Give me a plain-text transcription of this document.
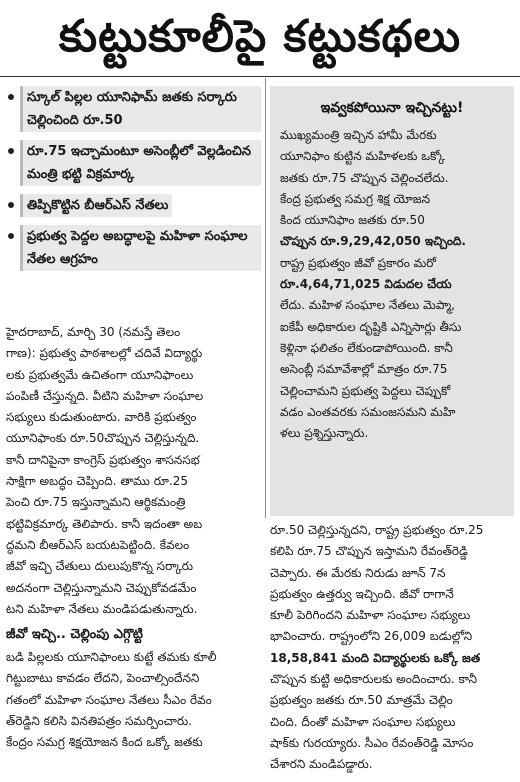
కుట్టుకూలీపై కట్టుకథలు
స్కూల్ పిల్లల యూనిఫామ్ జతకు సర్కారు చెల్లించింది రూ.50
రూ.75 ఇచ్చామంటూ అసెంబ్లీలో వెల్లడించిన మంత్రి భట్టి విక్రమార్క
తిప్పికొట్టిన బీఆర్ఎస్ నేతలు
ప్రభుత్వ పెద్దల అబద్ధాలపై మహిళా సంఘాల నేతల ఆగ్రహం
ఇవ్వకపోయినా ఇచ్చినట్టు!
ముఖ్యమంత్రి ఇచ్చిన హామీ మేరకు
యూనిఫాం కుట్టిన మహిళలకు ఒక్కో
జతకు రూ.75 చొప్పున చెల్లించలేదు.
కేంద్ర ప్రభుత్వ సమగ్ర శిక్ష యోజన
కింద యూనిఫాం జతకు రూ.50
చొప్పున రూ.9,29,42,050 ఇచ్చింది.
రాష్ట్ర ప్రభుత్వం జీవో ప్రకారం మరో
రూ.4,64,71,025 విడుదల చేయ
లేదు. మహిళ సంఘాల నేతలు మెప్మా,
ఐకేపీ అధికారుల దృష్టికి ఎన్నిసార్లు తీసు
కెళ్లినా ఫలితం లేకుండాపోయింది. కానీ
అసెంబ్లీ సమావేశాల్లో మాత్రం రూ.75
చెల్లించామని ప్రభుత్వ పెద్దలు చెప్పుకో
వడం ఎంతవరకు సమంజసమని మహి
ళలు ప్రశ్నిస్తున్నారు.
హైదరాబాద్, మార్చి 30 (నమస్తే తెలం
గాణ): ప్రభుత్వ పాఠశాలల్లో చదివే విద్యార్థు
లకు ప్రభుత్వమే ఉచితంగా యూనిఫాంలు
పంపిణీ చేస్తున్నది. వీటిని మహిళా సంఘాల
సభ్యులు కుడుతుంటారు. వారికి ప్రభుత్వం
యూనిఫాంకు రూ.50చొప్పున చెల్లిస్తున్నది.
కానీ దానిపైనా కాంగ్రెస్ ప్రభుత్వం శాసనసభ
సాక్షిగా అబద్ధం చెప్పింది. తాము రూ.25
పెంచి రూ.75 ఇస్తున్నామని ఆర్థికమంత్రి
భట్టివిక్రమార్క తెలిపారు. కానీ ఇదంతా అబ
ద్ధమని బీఆర్ఎస్ బయటపెట్టింది. కేవలం
జీవో ఇచ్చి చేతులు దులుపుకొన్న సర్కారు
అదనంగా చెల్లిస్తున్నామని చెప్పుకోవడమేం
టని మహిళా నేతలు మండిపడుతున్నారు.
జీవో ఇచ్చి.. చెల్లింపు ఎగ్గొట్టి
బడి పిల్లలకు యూనిఫాంలు కుట్టే తమకు కూలీ
గిట్టుబాటు కావడం లేదని, పెంచాల్సిందేనని
గతంలో మహిళా సంఘాల నేతలు సీఎం రేవం
త్‌రెడ్డిని కలిసి వినతిపత్రం సమర్పించారు.
కేంద్రం సమగ్ర శిక్షయోజన కింద ఒక్కో జతకు
రూ.50 చెల్లిస్తున్నదని, రాష్ట్ర ప్రభుత్వం రూ.25
కలిపి రూ.75 చొప్పున ఇస్తామని రేవంత్‌రెడ్డి
చెప్పారు. ఈ మేరకు నిరుడు జూన్ 7న
ప్రభుత్వం ఉత్తర్వు ఇచ్చింది. జీవో రాగానే
కూలీ పెరిగిందని మహిళా సంఘాల సభ్యులు
భావించారు. రాష్ట్రంలోని 26,009 బడుల్లోని
18,58,841 మంది విద్యార్థులకు ఒక్కో జత
చొప్పున కుట్టి అధికారులకు అందించారు. కానీ
ప్రభుత్వం జతకు రూ.50 మాత్రమే చెల్లిం
చింది. దీంతో మహిళా సంఘాల సభ్యులు
షాక్‌కు గురయ్యారు. సీఎం రేవంత్‌రెడ్డి మోసం
చేశారని మండిపడ్డారు.
